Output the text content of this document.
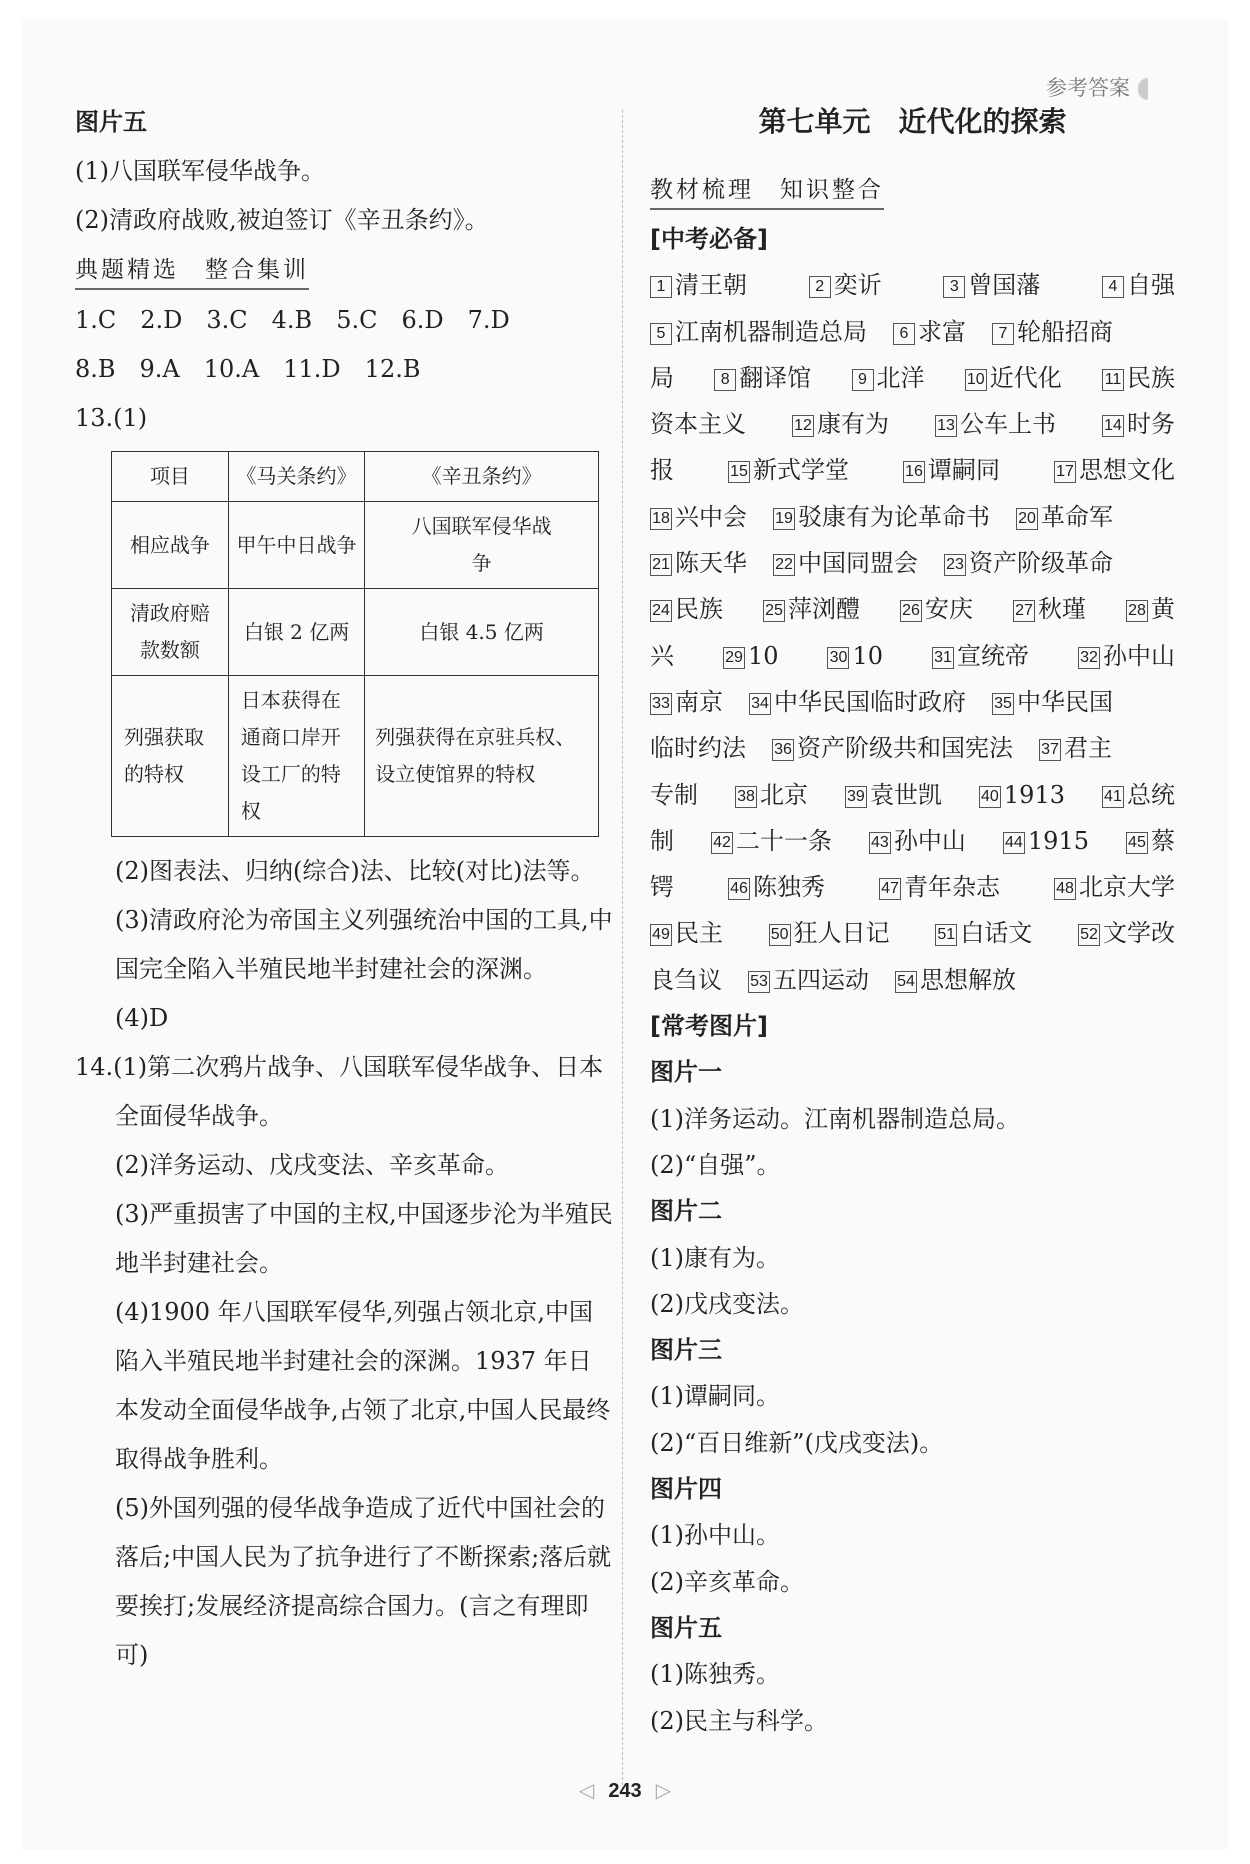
参考答案
图片五
(1)八国联军侵华战争。
(2)清政府战败,被迫签订《辛丑条约》。
典题精选　整合集训
1.C　2.D　3.C　4.B　5.C　6.D　7.D
8.B　9.A　10.A　11.D　12.B
13.(1)
项目	《马关条约》	《辛丑条约》
相应战争	甲午中日战争	八国联军侵华战争
清政府赔款数额	白银 2 亿两	白银 4.5 亿两
列强获取的特权	日本获得在通商口岸开设工厂的特权	列强获得在京驻兵权、设立使馆界的特权
(2)图表法、归纳(综合)法、比较(对比)法等。
(3)清政府沦为帝国主义列强统治中国的工具,中国完全陷入半殖民地半封建社会的深渊。
(4)D
14.(1)第二次鸦片战争、八国联军侵华战争、日本全面侵华战争。
(2)洋务运动、戊戌变法、辛亥革命。
(3)严重损害了中国的主权,中国逐步沦为半殖民地半封建社会。
(4)1900 年八国联军侵华,列强占领北京,中国陷入半殖民地半封建社会的深渊。1937 年日本发动全面侵华战争,占领了北京,中国人民最终取得战争胜利。
(5)外国列强的侵华战争造成了近代中国社会的落后;中国人民为了抗争进行了不断探索;落后就要挨打;发展经济提高综合国力。(言之有理即可)
第七单元　近代化的探索
教材梳理　知识整合
[中考必备]
1 清王朝	2 奕䜣	3 曾国藩	4 自强
5 江南机器制造总局	6 求富	7 轮船招商
局	8 翻译馆	9 北洋	10 近代化	11 民族
资本主义	12 康有为	13 公车上书	14 时务
报	15 新式学堂	16 谭嗣同	17 思想文化
18 兴中会 19 驳康有为论革命书 20 革命军
21 陈天华 22 中国同盟会 23 资产阶级革命
24 民族	25 萍浏醴	26 安庆	27 秋瑾	28 黄
兴	29 10	30 10	31 宣统帝	32 孙中山
33 南京 34 中华民国临时政府 35 中华民国
临时约法 36 资产阶级共和国宪法 37 君主
专制 38 北京 39 袁世凯 40 1913 41 总统
制 42 二十一条 43 孙中山 44 1915 45 蔡
锷	46 陈独秀	47 青年杂志	48 北京大学
49 民主	50 狂人日记	51 白话文	52 文学改
良刍议 53 五四运动 54 思想解放
[常考图片]
图片一
(1)洋务运动。江南机器制造总局。
(2)“自强”。
图片二
(1)康有为。
(2)戊戌变法。
图片三
(1)谭嗣同。
(2)“百日维新”(戊戌变法)。
图片四
(1)孙中山。
(2)辛亥革命。
图片五
(1)陈独秀。
(2)民主与科学。
◁ 243 ▷
